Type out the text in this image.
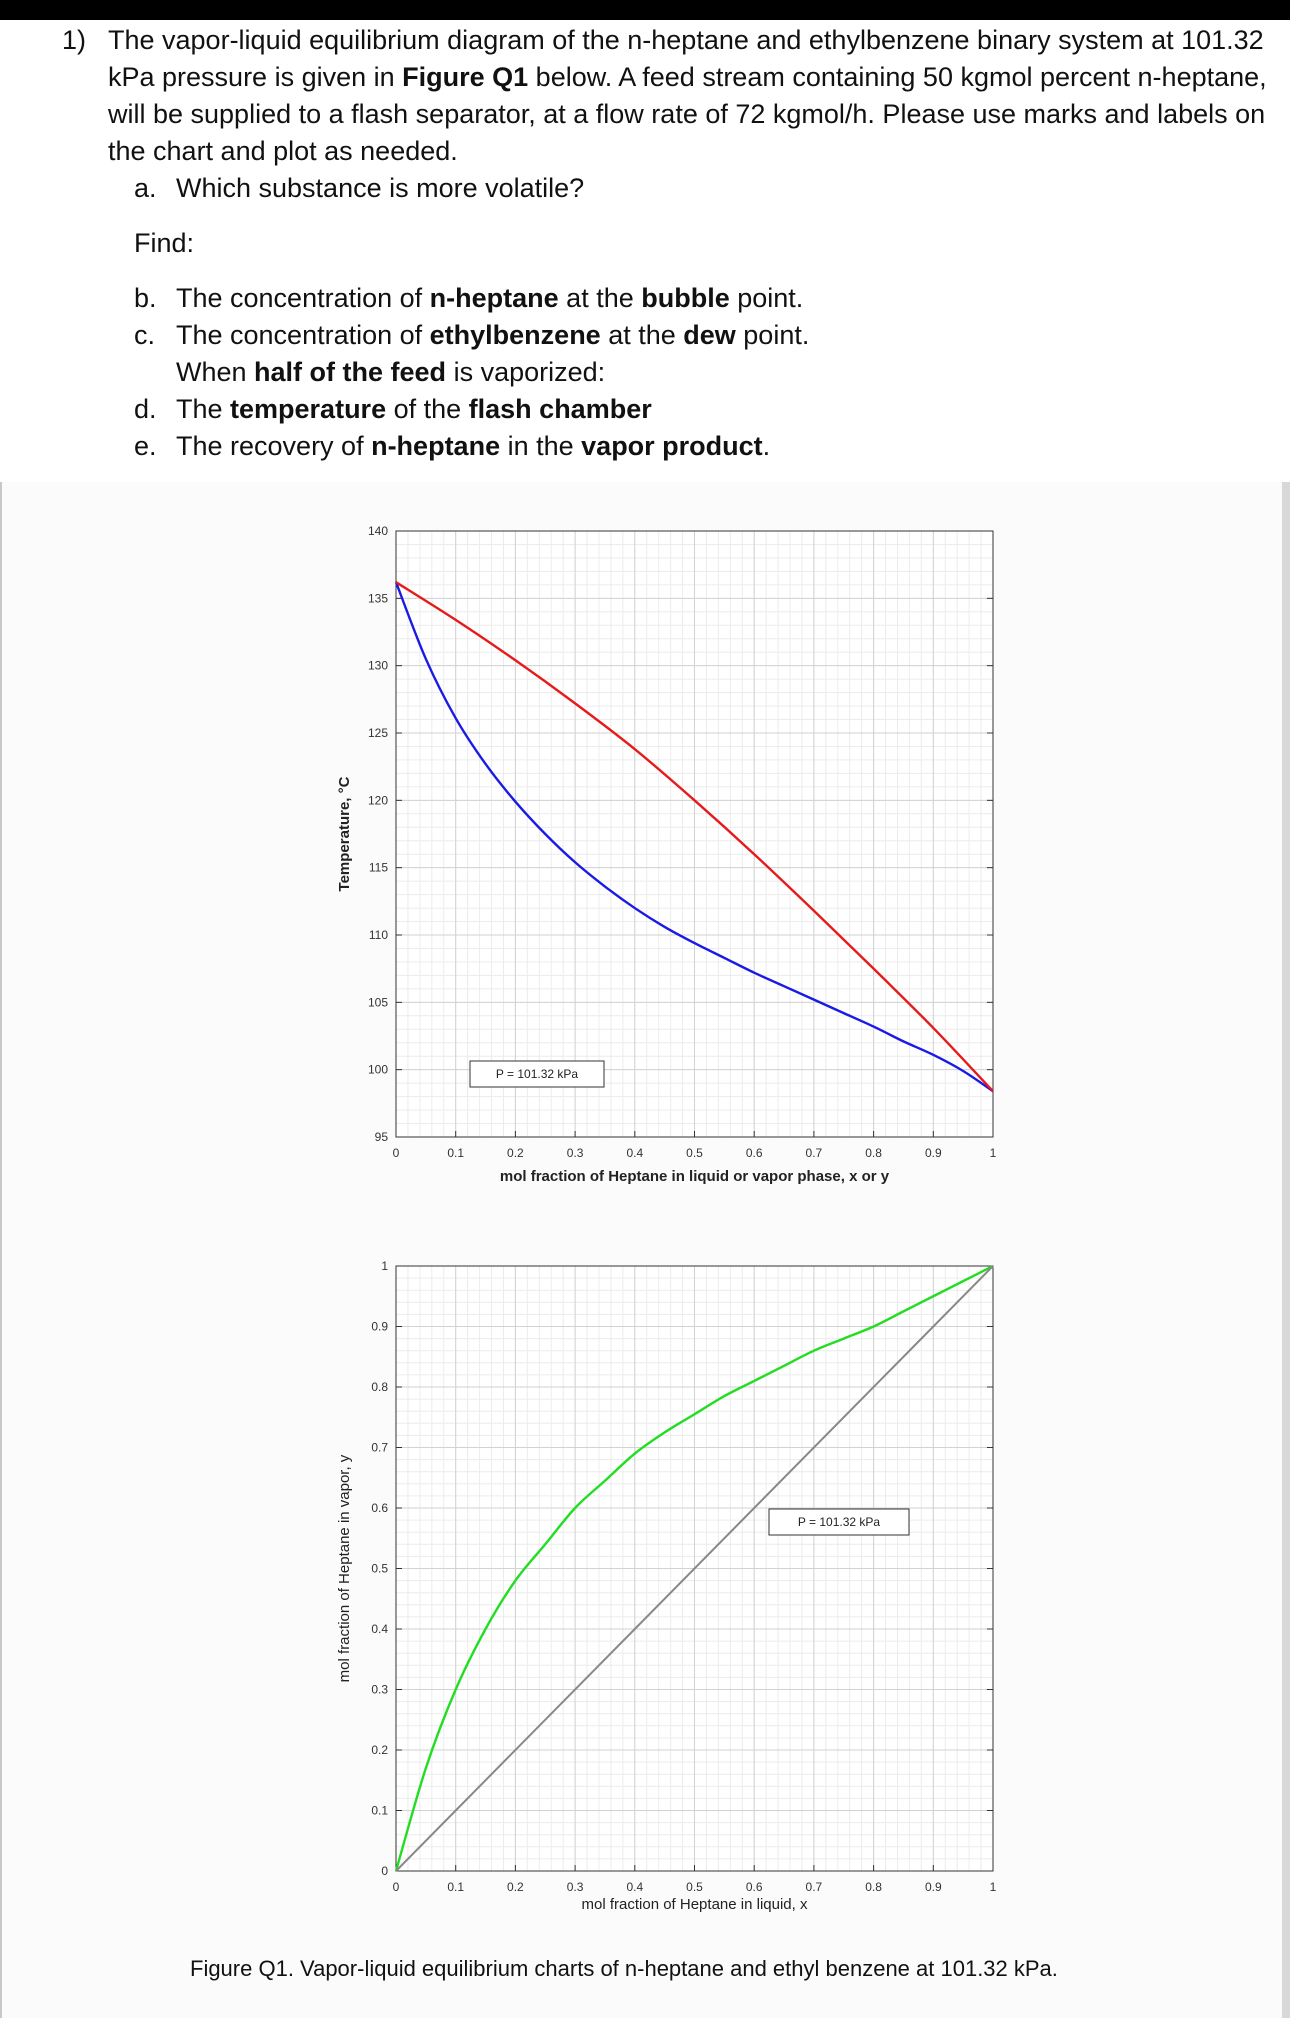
1) The vapor-liquid equilibrium diagram of the n-heptane and ethylbenzene binary system at 101.32 kPa pressure is given in Figure Q1 below. A feed stream containing 50 kgmol percent n-heptane, will be supplied to a flash separator, at a flow rate of 72 kgmol/h. Please use marks and labels on the chart and plot as needed.
a. Which substance is more volatile?
Find:
b. The concentration of n-heptane at the bubble point.
c. The concentration of ethylbenzene at the dew point.
When half of the feed is vaporized:
d. The temperature of the flash chamber
e. The recovery of n-heptane in the vapor product.
0	0.1	0.2	0.3	0.4	0.5	0.6	0.7	0.8	0.9	1
95
100
105
110
115
120
125
130
135
140
P = 101.32 kPa
mol fraction of Heptane in liquid or vapor phase, x or y
Temperature, °C
0	0.1	0.2	0.3	0.4	0.5	0.6	0.7	0.8	0.9	1
0
0.1
0.2
0.3
0.4
0.5
0.6
0.7
0.8
0.9
1
P = 101.32 kPa
mol fraction of Heptane in liquid, x
mol fraction of Heptane in vapor, y
Figure Q1. Vapor-liquid equilibrium charts of n-heptane and ethyl benzene at 101.32 kPa.
